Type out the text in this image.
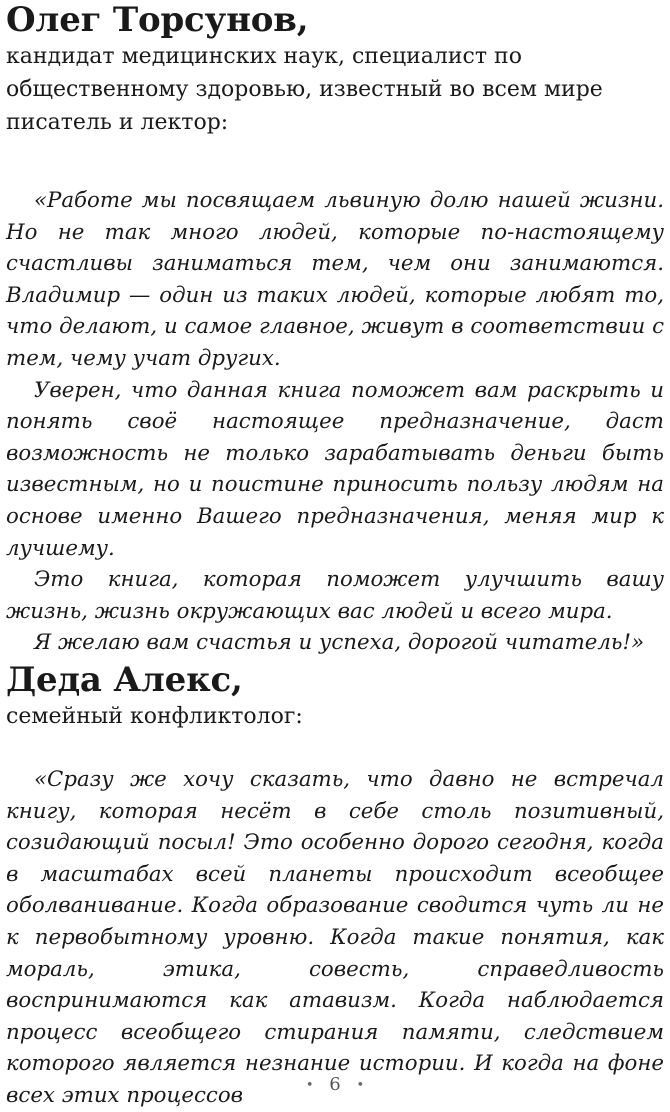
Олег Торсунов,
кандидат медицинских наук, специалист по общественному здоровью, известный во всем мире писатель и лектор:

«Работе мы посвящаем львиную долю нашей жизни. Но не так много людей, которые по-настоящему счастливы заниматься тем, чем они занимаются. Владимир — один из таких людей, которые любят то, что делают, и самое главное, живут в соответствии с тем, чему учат других.

Уверен, что данная книга поможет вам раскрыть и понять своё настоящее предназначение, даст возможность не только зарабатывать деньги быть известным, но и поистине приносить пользу людям на основе именно Вашего предназначения, меняя мир к лучшему.

Это книга, которая поможет улучшить вашу жизнь, жизнь окружающих вас людей и всего мира.

Я желаю вам счастья и успеха, дорогой читатель!»

Деда Алекс,
семейный конфликтолог:

«Сразу же хочу сказать, что давно не встречал книгу, которая несёт в себе столь позитивный, созидающий посыл! Это особенно дорого сегодня, когда в масштабах всей планеты происходит всеобщее оболванивание. Когда образование сводится чуть ли не к первобытному уровню. Когда такие понятия, как мораль, этика, совесть, справедливость воспринимаются как атавизм. Когда наблюдается процесс всеобщего стирания памяти, следствием которого является незнание истории. И когда на фоне всех этих процессов	• 6 •
